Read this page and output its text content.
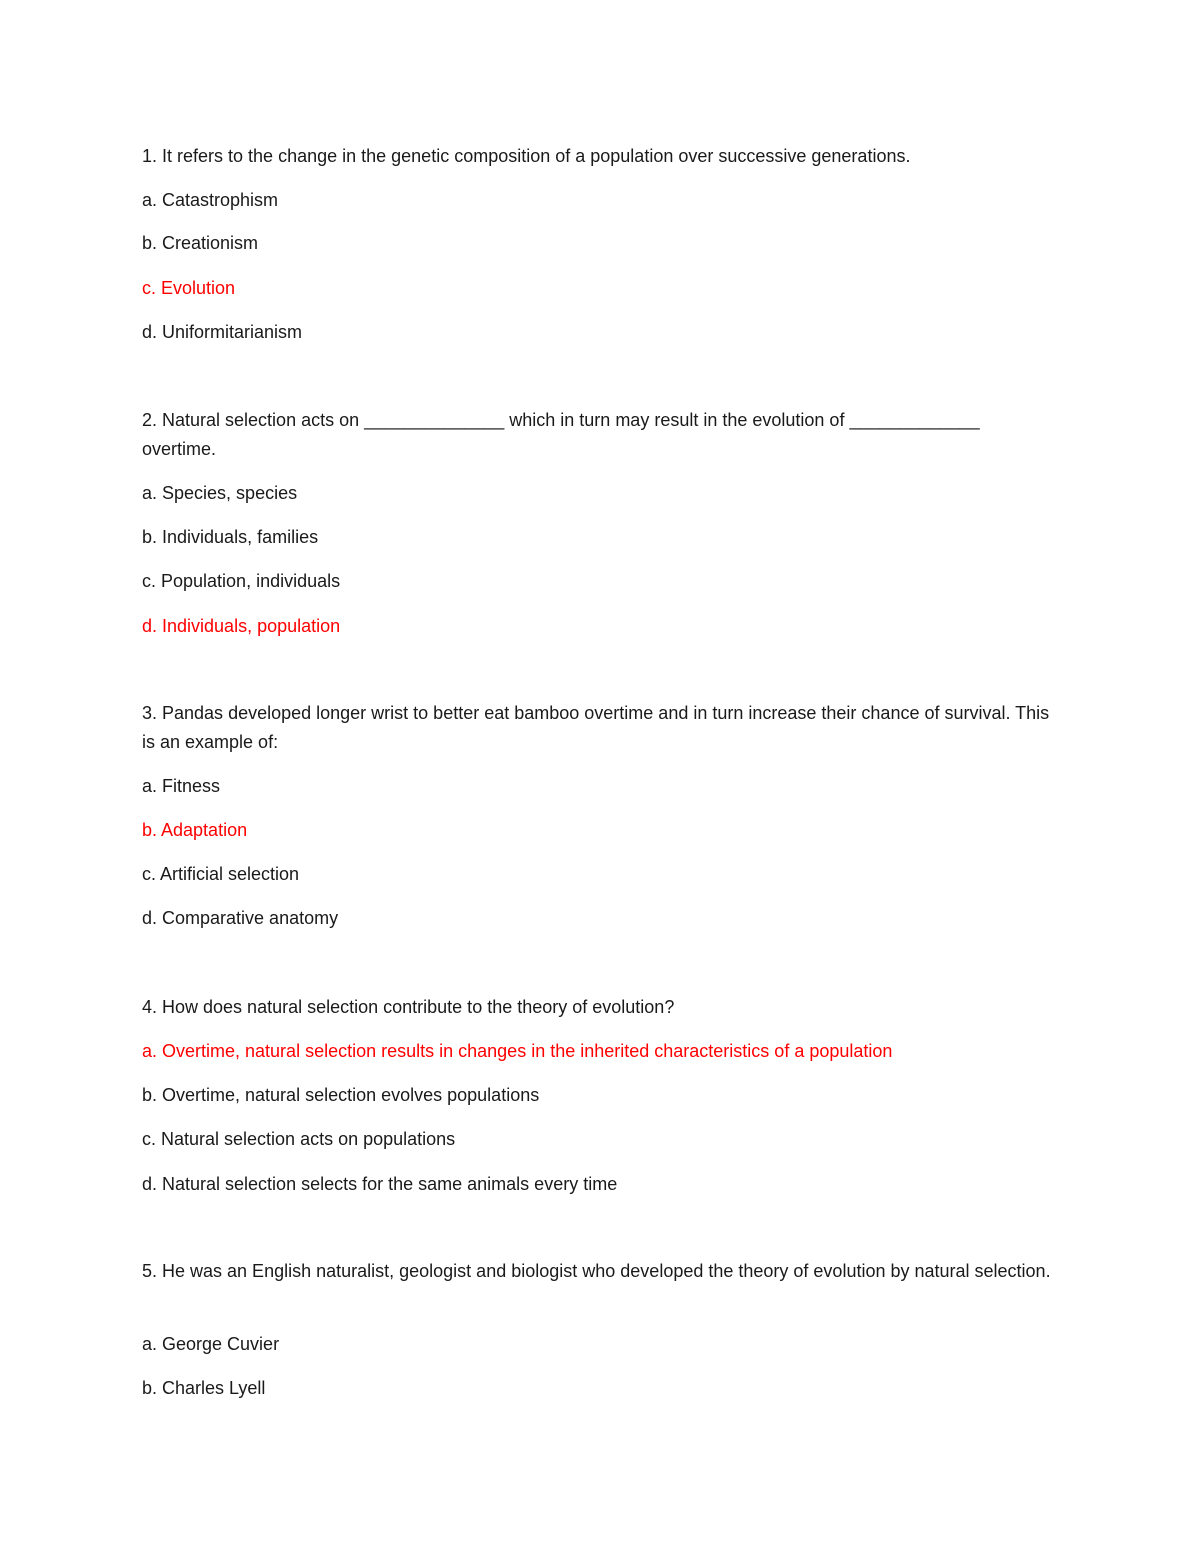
1. It refers to the change in the genetic composition of a population over successive generations.
a. Catastrophism
b. Creationism
c. Evolution
d. Uniformitarianism
2. Natural selection acts on ______________ which in turn may result in the evolution of _____________ overtime.
a. Species, species
b. Individuals, families
c. Population, individuals
d. Individuals, population
3. Pandas developed longer wrist to better eat bamboo overtime and in turn increase their chance of survival. This is an example of:
a. Fitness
b. Adaptation
c. Artificial selection
d. Comparative anatomy
4. How does natural selection contribute to the theory of evolution?
a. Overtime, natural selection results in changes in the inherited characteristics of a population
b. Overtime, natural selection evolves populations
c. Natural selection acts on populations
d. Natural selection selects for the same animals every time
5. He was an English naturalist, geologist and biologist who developed the theory of evolution by natural selection.
a. George Cuvier
b. Charles Lyell
